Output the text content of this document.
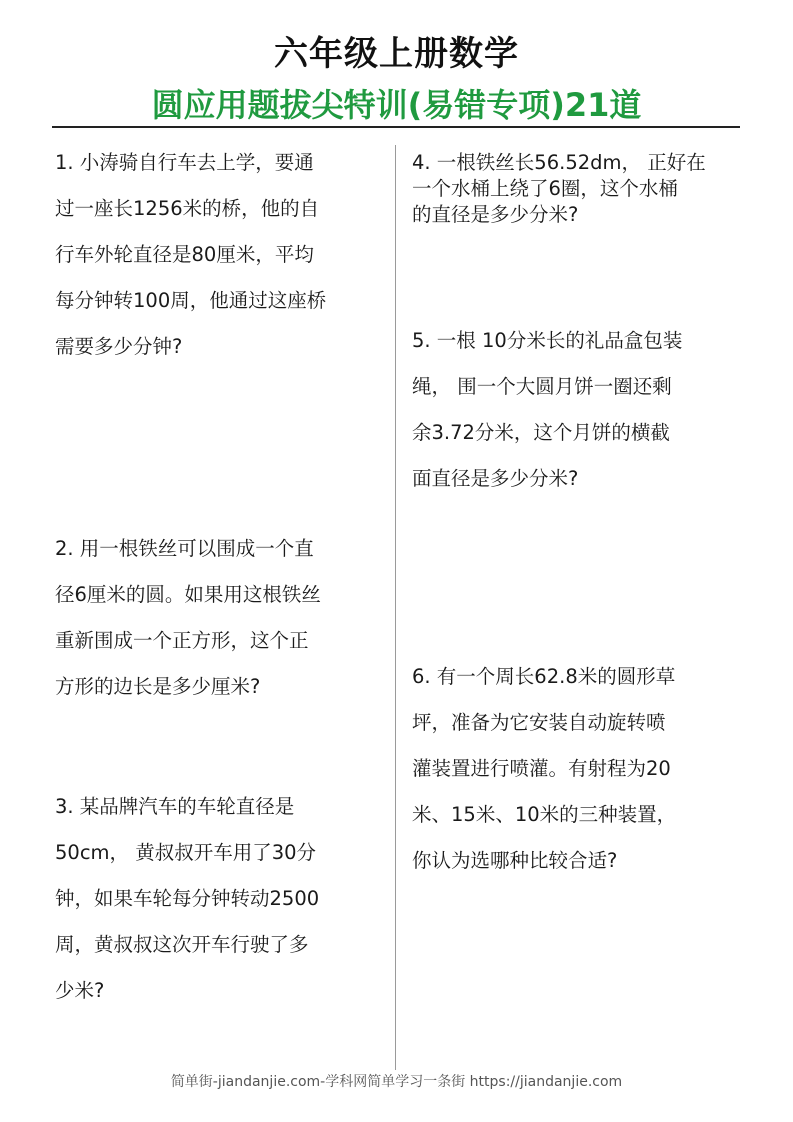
六年级上册数学
圆应用题拔尖特训(易错专项)21道
1. 小涛骑自行车去上学，要通
过一座长1256米的桥，他的自
行车外轮直径是80厘米，平均
每分钟转100周，他通过这座桥
需要多少分钟?
2. 用一根铁丝可以围成一个直
径6厘米的圆。如果用这根铁丝
重新围成一个正方形，这个正
方形的边长是多少厘米?
3. 某品牌汽车的车轮直径是
50cm， 黄叔叔开车用了30分
钟，如果车轮每分钟转动2500
周，黄叔叔这次开车行驶了多
少米?
4. 一根铁丝长56.52dm， 正好在
一个水桶上绕了6圈，这个水桶
的直径是多少分米?
5. 一根 10分米长的礼品盒包装
绳， 围一个大圆月饼一圈还剩
余3.72分米，这个月饼的横截
面直径是多少分米?
6. 有一个周长62.8米的圆形草
坪，准备为它安装自动旋转喷
灌装置进行喷灌。有射程为20
米、15米、10米的三种装置，
你认为选哪种比较合适?
简单街-jiandanjie.com-学科网简单学习一条街 https://jiandanjie.com
